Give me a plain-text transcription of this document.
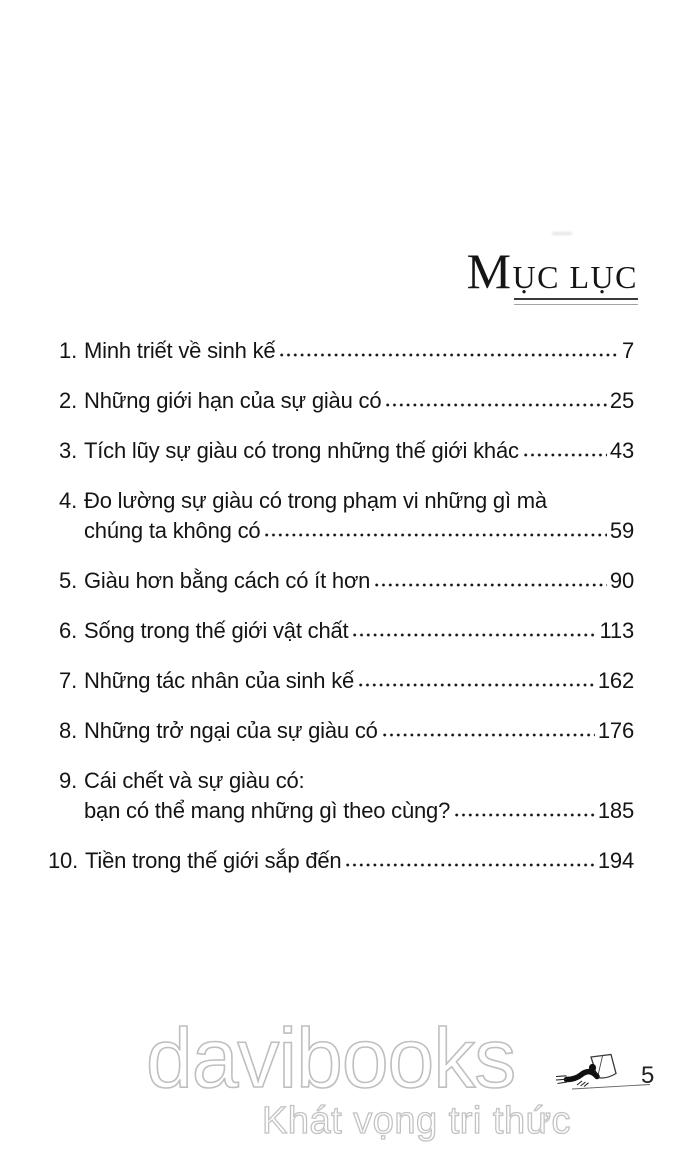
M ỤC LỤC
1. Minh triết về sinh kế	7
2. Những giới hạn của sự giàu có	25
3. Tích lũy sự giàu có trong những thế giới khác	43
4. Đo lường sự giàu có trong phạm vi những gì mà
chúng ta không có	59
5. Giàu hơn bằng cách có ít hơn	90
6. Sống trong thế giới vật chất	113
7. Những tác nhân của sinh kế	162
8. Những trở ngại của sự giàu có	176
9. Cái chết và sự giàu có:
bạn có thể mang những gì theo cùng?	185
10. Tiền trong thế giới sắp đến	194
davibooks
Khát vọng tri thức
5
